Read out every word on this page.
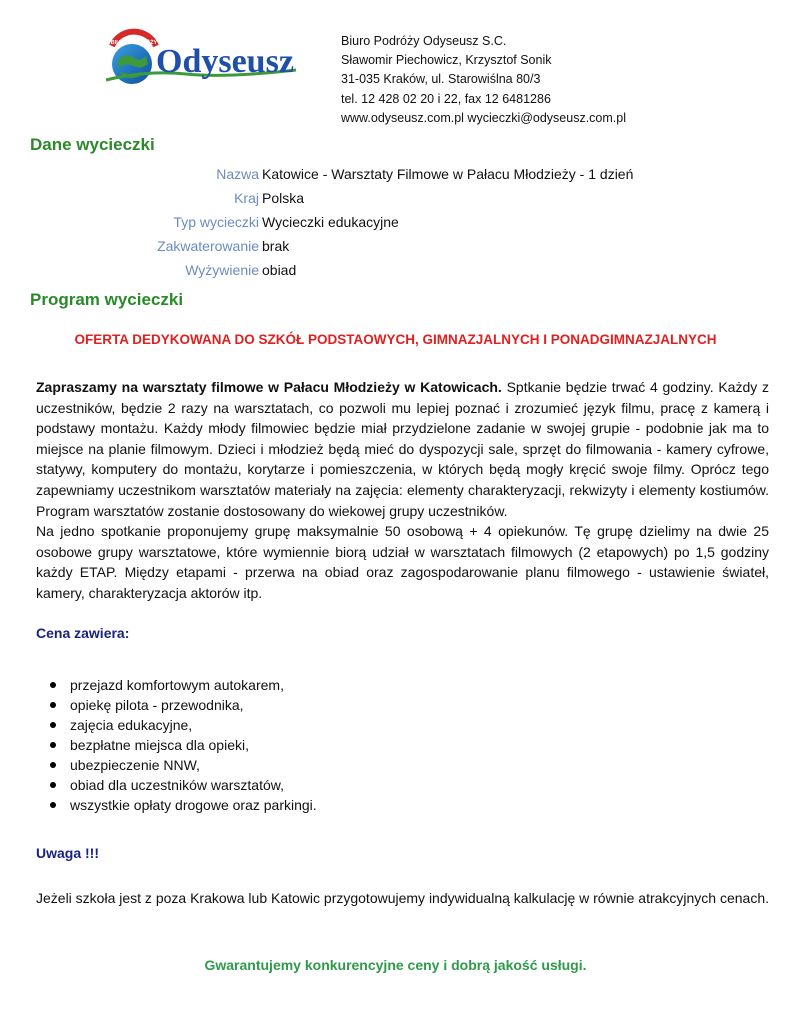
BIURO PODRÓŻY
Odyseusz
Biuro Podróży Odyseusz S.C.
Sławomir Piechowicz, Krzysztof Sonik
31-035 Kraków, ul. Starowiślna 80/3
tel. 12 428 02 20 i 22, fax 12 6481286
www.odyseusz.com.pl wycieczki@odyseusz.com.pl
Dane wycieczki
Nazwa Katowice - Warsztaty Filmowe w Pałacu Młodzieży - 1 dzień
Kraj Polska
Typ wycieczki Wycieczki edukacyjne
Zakwaterowanie brak
Wyżywienie obiad
Program wycieczki
OFERTA DEDYKOWANA DO SZKÓŁ PODSTAOWYCH, GIMNAZJALNYCH I PONADGIMNAZJALNYCH
Zapraszamy na warsztaty filmowe w Pałacu Młodzieży w Katowicach. Sptkanie będzie trwać 4 godziny. Każdy z uczestników, będzie 2 razy na warsztatach, co pozwoli mu lepiej poznać i zrozumieć język filmu, pracę z kamerą i podstawy montażu. Każdy młody filmowiec będzie miał przydzielone zadanie w swojej grupie - podobnie jak ma to miejsce na planie filmowym. Dzieci i młodzież będą mieć do dyspozycji sale, sprzęt do filmowania - kamery cyfrowe, statywy, komputery do montażu, korytarze i pomieszczenia, w których będą mogły kręcić swoje filmy. Oprócz tego zapewniamy uczestnikom warsztatów materiały na zajęcia: elementy charakteryzacji, rekwizyty i elementy kostiumów. Program warsztatów zostanie dostosowany do wiekowej grupy uczestników.
Na jedno spotkanie proponujemy grupę maksymalnie 50 osobową + 4 opiekunów. Tę grupę dzielimy na dwie 25 osobowe grupy warsztatowe, które wymiennie biorą udział w warsztatach filmowych (2 etapowych) po 1,5 godziny każdy ETAP. Między etapami - przerwa na obiad oraz zagospodarowanie planu filmowego - ustawienie świateł, kamery, charakteryzacja aktorów itp.
Cena zawiera:
przejazd komfortowym autokarem,
opiekę pilota - przewodnika,
zajęcia edukacyjne,
bezpłatne miejsca dla opieki,
ubezpieczenie NNW,
obiad dla uczestników warsztatów,
wszystkie opłaty drogowe oraz parkingi.
Uwaga !!!
Jeżeli szkoła jest z poza Krakowa lub Katowic przygotowujemy indywidualną kalkulację w równie atrakcyjnych cenach.
Gwarantujemy konkurencyjne ceny i dobrą jakość usługi.
